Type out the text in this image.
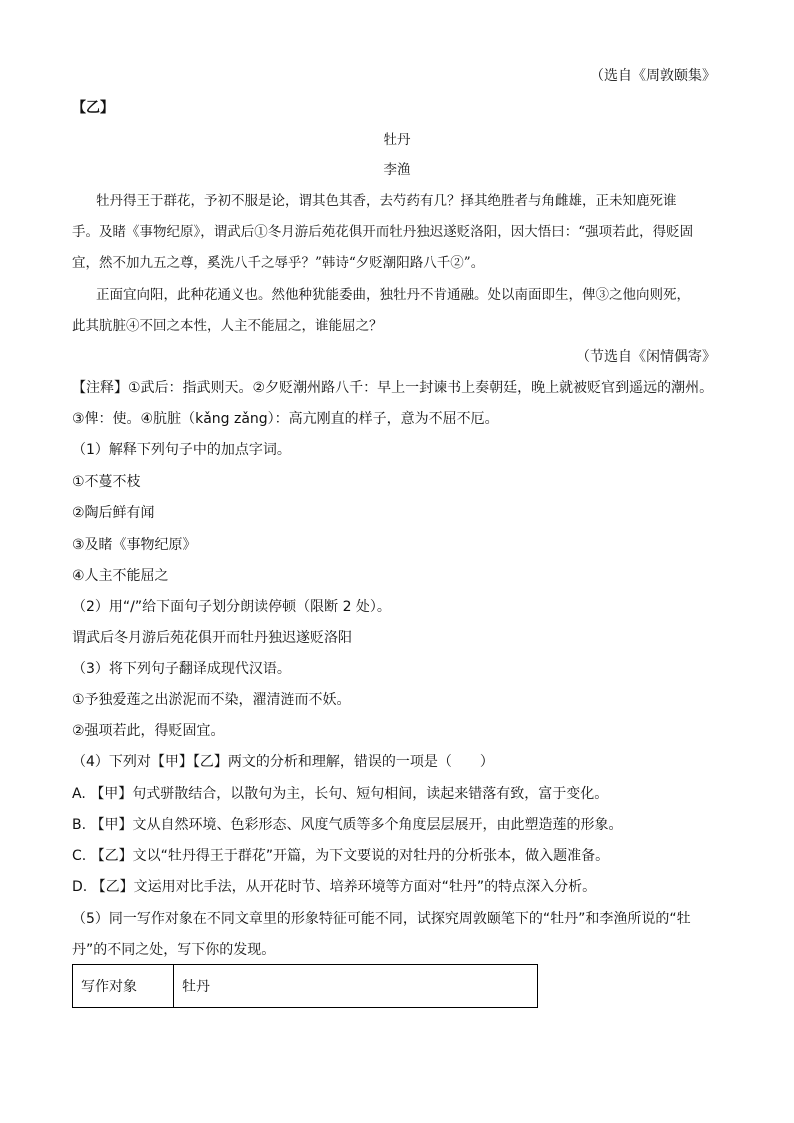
（选自《周敦颐集》
【乙】
牡丹
李渔
牡丹得王于群花，予初不服是论，谓其色其香，去芍药有几？择其绝胜者与角雌雄，正未知鹿死谁
手。及睹《事物纪原》，谓武后①冬月游后苑花俱开而牡丹独迟遂贬洛阳，因大悟曰：“强项若此，得贬固
宜，然不加九五之尊，奚洗八千之辱乎？”韩诗“夕贬潮阳路八千②”。
正面宜向阳，此种花通义也。然他种犹能委曲，独牡丹不肯通融。处以南面即生，俾③之他向则死，
此其肮脏④不回之本性，人主不能屈之，谁能屈之？
（节选自《闲情偶寄》
【注释】①武后：指武则天。②夕贬潮州路八千：早上一封谏书上奏朝廷，晚上就被贬官到遥远的潮州。
③俾：使。④肮脏（kǎng zǎng）：高亢刚直的样子，意为不屈不厄。
（1）解释下列句子中的加点字词。
①不蔓不枝
②陶后鲜有闻
③及睹《事物纪原》
④人主不能屈之
（2）用“/”给下面句子划分朗读停顿（限断 2 处）。
谓武后冬月游后苑花俱开而牡丹独迟遂贬洛阳
（3）将下列句子翻译成现代汉语。
①予独爱莲之出淤泥而不染，濯清涟而不妖。
②强项若此，得贬固宜。
（4）下列对【甲】【乙】两文的分析和理解，错误的一项是（　　）
A. 【甲】句式骈散结合，以散句为主，长句、短句相间，读起来错落有致，富于变化。
B. 【甲】文从自然环境、色彩形态、风度气质等多个角度层层展开，由此塑造莲的形象。
C. 【乙】文以“牡丹得王于群花”开篇，为下文要说的对牡丹的分析张本，做入题准备。
D. 【乙】文运用对比手法，从开花时节、培养环境等方面对“牡丹”的特点深入分析。
（5）同一写作对象在不同文章里的形象特征可能不同，试探究周敦颐笔下的“牡丹”和李渔所说的“牡
丹”的不同之处，写下你的发现。
写作对象	牡丹
